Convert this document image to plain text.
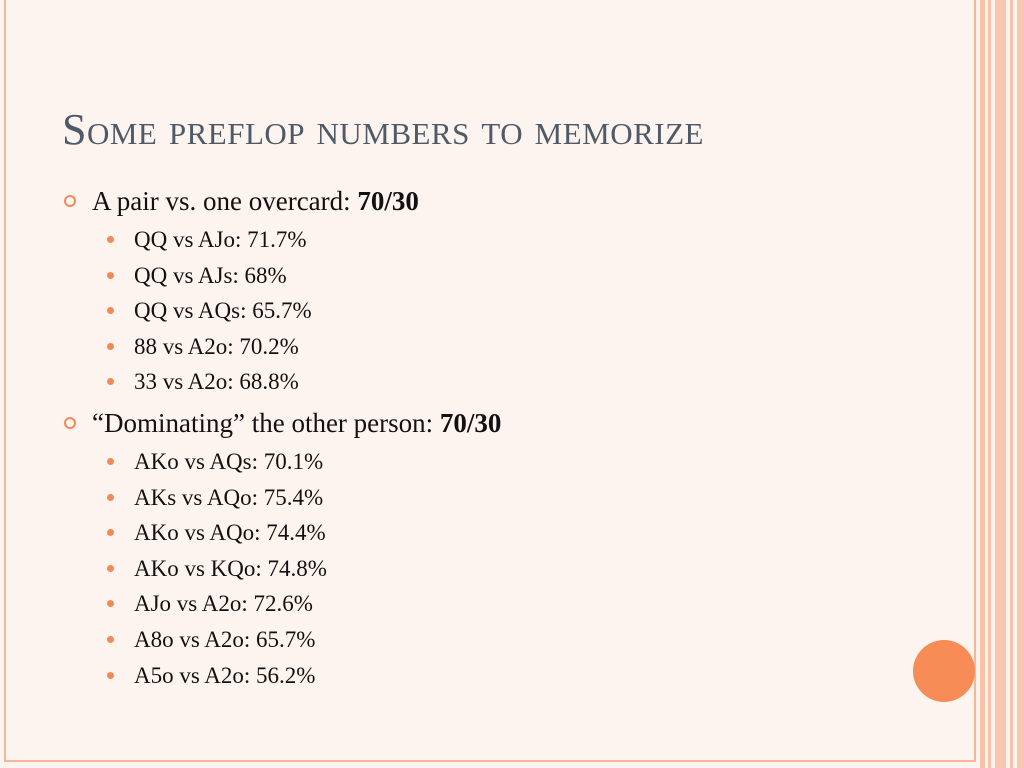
Some preflop numbers to memorize
A pair vs. one overcard: 70/30
QQ vs AJo: 71.7%
QQ vs AJs: 68%
QQ vs AQs: 65.7%
88 vs A2o: 70.2%
33 vs A2o: 68.8%
“Dominating” the other person: 70/30
AKo vs AQs: 70.1%
AKs vs AQo: 75.4%
AKo vs AQo: 74.4%
AKo vs KQo: 74.8%
AJo vs A2o: 72.6%
A8o vs A2o: 65.7%
A5o vs A2o: 56.2%
